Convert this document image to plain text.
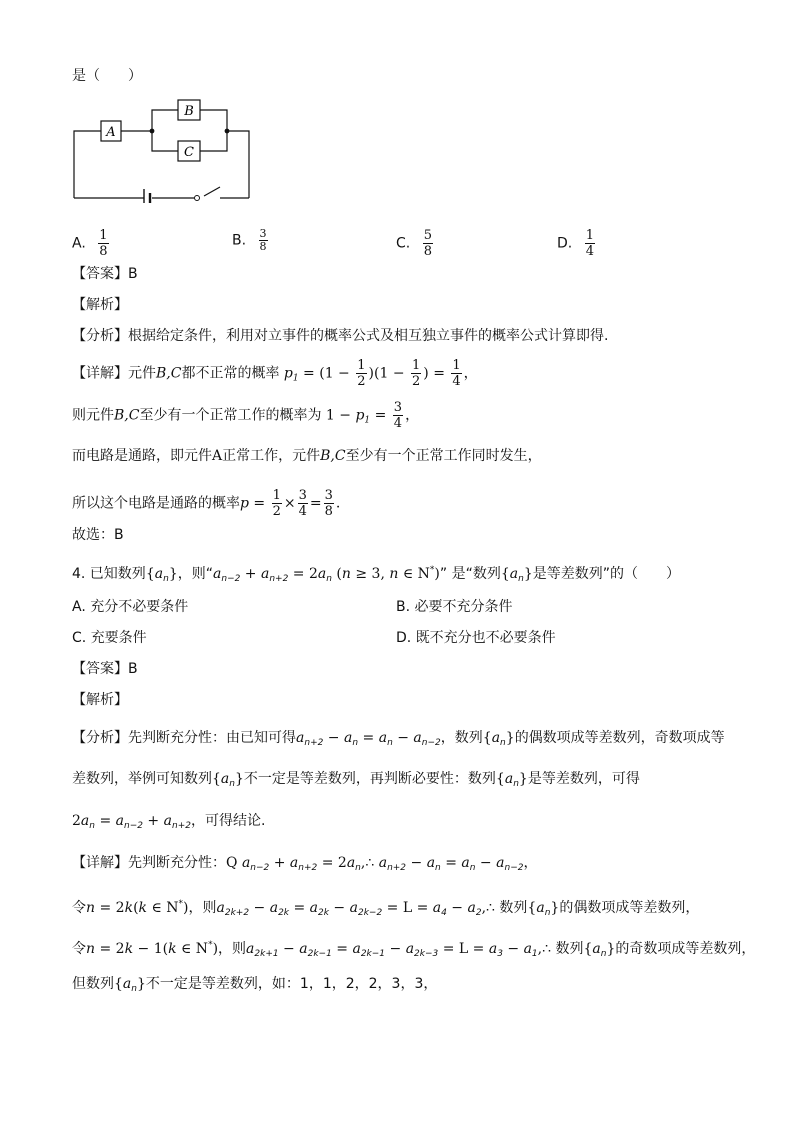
是（　　）
A
B
C
A. $\frac{1}{8}$	B. $\frac{3}{8}$	C. $\frac{5}{8}$	D. $\frac{1}{4}$
【答案】B
【解析】
【分析】根据给定条件，利用对立事件的概率公式及相互独立事件的概率公式计算即得.
【详解】元件B,C都不正常的概率 $p_1 = (1 - \frac{1}{2} )(1 - \frac{1}{2}$ ) = $\frac{1}{4}$ ，
则元件B,C至少有一个正常工作的概率为 $1 - p_1 = \frac{3}{4}$ ，
而电路是通路，即元件A正常工作，元件B,C至少有一个正常工作同时发生，
所以这个电路是通路的概率$p = \frac{1}{2} \times \frac{3}{4} = \frac{3}{8}$ .
故选：B
4. 已知数列$\{a_n\}$，则“$a_{n-2} + a_{n+2} = 2a_n$ (n ≥ 3, n ∈ N*)” 是“数列$\{a_n\}$是等差数列”的（　　）
A. 充分不必要条件	B. 必要不充分条件
C. 充要条件	D. 既不充分也不必要条件
【答案】B
【解析】
【分析】先判断充分性：由已知可得$a_{n+2} - a_n = a_n - a_{n-2}$，数列$\{a_n\}$的偶数项成等差数列，奇数项成等
差数列，举例可知数列$\{a_n\}$不一定是等差数列，再判断必要性：数列$\{a_n\}$是等差数列，可得
$2a_n = a_{n-2} + a_{n+2}$，可得结论.
【详解】先判断充分性：Q $a_{n-2} + a_{n+2}$ = $2a_n,\therefore$ $a_{n+2} - a_n = a_n - a_{n-2}$，
令n = 2k(k ∈ N*)，则$a_{2k+2} - a_{2k} = a_{2k} - a_{2k-2} = L = a_4$ − $a_2,\therefore$ 数列$\{a_n\}$的偶数项成等差数列，
令n = 2k − 1(k ∈ N*)，则$a_{2k+1} - a_{2k-1} = a_{2k-1} - a_{2k-3} = L = a_3$ − $a_1,\therefore$ 数列$\{a_n\}$的奇数项成等差数列，
但数列$\{a_n\}$不一定是等差数列，如：1，1，2，2，3，3，
